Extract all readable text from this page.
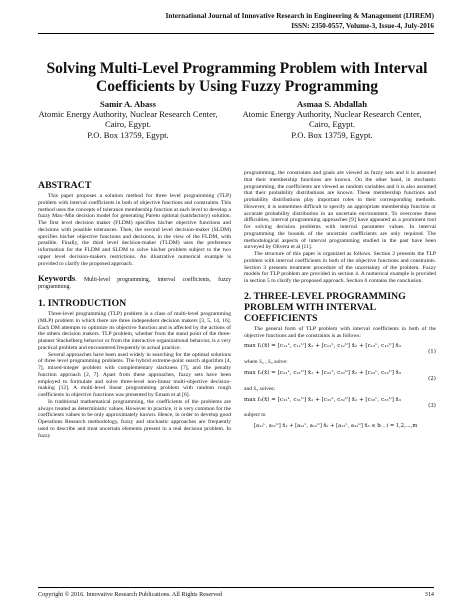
International Journal of Innovative Research in Engineering & Management (IJIREM)
ISSN: 2350-0557, Volume-3, Issue-4, July-2016
Solving Multi-Level Programming Problem with Interval
Coefficients by Using Fuzzy Programming
Samir A. Abass
Atomic Energy Authority, Nuclear Research Center,
Cairo, Egypt.
P.O. Box 13759, Egypt.
Asmaa S. Abdallah
Atomic Energy Authority, Nuclear Research Center,
Cairo, Egypt.
P.O. Box 13759, Egypt.
ABSTRACT

This paper proposes a solution method for three level programming (TLP) problem with interval coefficients in both of objective functions and constraints. This method uses the concepts of tolerance membership function at each level to develop a fuzzy Max–Min decision model for generating Pareto optimal (satisfactory) solution. The first level decision maker (FLDM) specifies his/her objective functions and decisions with possible tolerances. Then, the second level decision-maker (SLDM) specifies his/her objective functions and decisions, in the view of the FLDM, with possible. Finally, the third level decision-maker (TLDM) uses the preference information for the FLDM and SLDM to solve his/her problem subject to the two upper level decision-makers restrictions. An illustrative numerical example is provided to clarify the proposed approach.

Keywords. Multi-level programming, interval coefficients, fuzzy programming.
1. INTRODUCTION

Three-level programming (TLP) problem is a class of multi-level programming (MLP) problem in which there are three independent decision makers [3, 5, 14, 16]. Each DM attempts to optimize its objective function and is affected by the actions of the others decision makers. TLP problem, whether from the stand point of the three-planner Stackelberg behavior or from the interactive organizational behavior, is a very practical problem and encountered frequently in actual practice.

Several approaches have been used widely in searching for the optimal solutions of three level programming problems. The hybrid extreme-point search algorithm [4, 7], mixed-integer problem with complementary slackness [7], and the penalty function approach [2, 7]. Apart from these approaches, fuzzy sets have been employed to formulate and solve three-level non-linear multi-objective decision-making [12]. A multi-level linear programming problem with random rough coefficients in objective functions was presented by Emam et al [6].

In traditional mathematical programming, the coefficients of the problems are always treated as deterministic values. However in practice, it is very common for the coefficients values to be only approximately known. Hence, in order to develop good Operations Research methodology, fuzzy and stochastic approaches are frequently used to describe and treat uncertain elements present in a real decision problem. In fuzzy

programming, the constraints and goals are viewed as fuzzy sets and it is assumed that their membership functions are known. On the other hand, in stochastic programming, the coefficients are viewed as random variables and it is also assumed that their probability distributions are known. These membership functions and probability distributions play important roles in their corresponding methods. However, it is sometimes difficult to specify an appropriate membership function or accurate probability distribution in an uncertain environment. To overcome these difficulties, interval programming approaches [9] have appeared as a prominent tool for solving decision problems with interval parameter values. In interval programming the bounds of the uncertain coefficients are only required. The methodological aspects of interval programming studied in the past have been surveyed by Olivera et al [11].

The structure of this paper is organized as follows. Section 2 presents the TLP problem with interval coefficients in both of the objective functions and constraints. Section 3 presents treatment procedure of the uncertainty of the problem. Fuzzy models for TLP problem are provided in section 4. A numerical example is provided in section 5 to clarify the proposed approach. Section 6 contains the conclusion.

2. THREE-LEVEL PROGRAMMING
PROBLEM WITH INTERVAL
COEFFICIENTS

The general form of TLP problem with interval coefficients in both of the objective functions and the constraints is as follows:

max f₁(x̄) = [c₁₁ᴸ, c₁₁ᵁ] x̄₁ + [c₁₂ᴸ, c₁₂ᵁ] x̄₂ + [c₁₃ᴸ, c₁₃ᵁ] x̄₃
(1)
where x̄₂ , x̄₃ solve:
max f₂(x̄) = [c₂₁ᴸ, c₂₁ᵁ] x̄₁ + [c₂₂ᴸ, c₂₂ᵁ] x̄₂ + [c₂₃ᴸ, c₂₃ᵁ] x̄₃
(2)
and x̄₃ solves:
max f₃(x̄) = [c₃₁ᴸ, c₃₁ᵁ] x̄₁ + [c₃₂ᴸ, c₃₂ᵁ] x̄₂ + [c₃₃ᴸ, c₃₃ᵁ] x̄₃
(3)
subject to
[a₁₁ᴸ, a₁₁ᵁ] x̄₁ + [a₁₂ᴸ, a₁₂ᵁ] x̄₂ + [a₁₃ᴸ, a₁₃ᵁ] x̄₃ ≤ bᵢ , i = 1,2,...,m
Copyright © 2016. Innovative Research Publications. All Rights Reserved	314
